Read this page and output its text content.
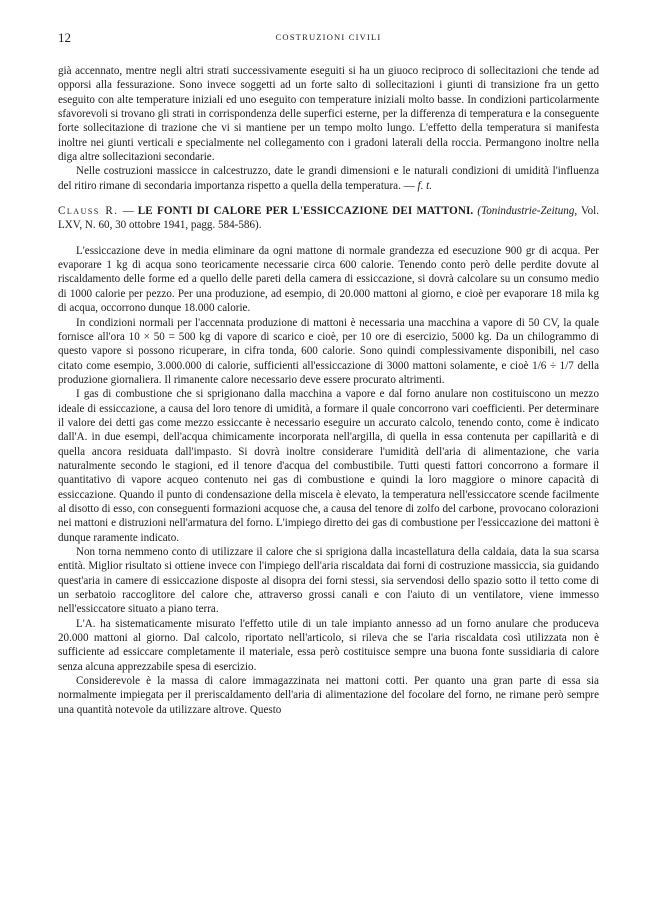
12	COSTRUZIONI CIVILI

già accennato, mentre negli altri strati successivamente eseguiti si ha un giuoco reciproco di sollecitazioni che tende ad opporsi alla fessurazione. Sono invece soggetti ad un forte salto di sollecitazioni i giunti di transizione fra un getto eseguito con alte temperature iniziali ed uno eseguito con temperature iniziali molto basse. In condizioni particolarmente sfavorevoli si trovano gli strati in corrispondenza delle superfici esterne, per la differenza di temperatura e la conseguente forte sollecitazione di trazione che vi si mantiene per un tempo molto lungo. L'effetto della temperatura si manifesta inoltre nei giunti verticali e specialmente nel collegamento con i gradoni laterali della roccia. Permangono inoltre nella diga altre sollecitazioni secondarie.

Nelle costruzioni massicce in calcestruzzo, date le grandi dimensioni e le naturali condizioni di umidità l'influenza del ritiro rimane di secondaria importanza rispetto a quella della temperatura. — f. t.

Clauss R. — LE FONTI DI CALORE PER L'ESSICCAZIONE DEI MATTONI. (Tonindustrie-Zeitung, Vol. LXV, N. 60, 30 ottobre 1941, pagg. 584-586).

L'essiccazione deve in media eliminare da ogni mattone di normale grandezza ed esecuzione 900 gr di acqua. Per evaporare 1 kg di acqua sono teoricamente necessarie circa 600 calorie. Tenendo conto però delle perdite dovute al riscaldamento delle forme ed a quello delle pareti della camera di essiccazione, si dovrà calcolare su un consumo medio di 1000 calorie per pezzo. Per una produzione, ad esempio, di 20.000 mattoni al giorno, e cioè per evaporare 18 mila kg di acqua, occorrono dunque 18.000 calorie.

In condizioni normali per l'accennata produzione di mattoni è necessaria una macchina a vapore di 50 CV, la quale fornisce all'ora 10 × 50 = 500 kg di vapore di scarico e cioè, per 10 ore di esercizio, 5000 kg. Da un chilogrammo di questo vapore si possono ricuperare, in cifra tonda, 600 calorie. Sono quindi complessivamente disponibili, nel caso citato come esempio, 3.000.000 di calorie, sufficienti all'essiccazione di 3000 mattoni solamente, e cioè 1/6 ÷ 1/7 della produzione giornaliera. Il rimanente calore necessario deve essere procurato altrimenti.

I gas di combustione che si sprigionano dalla macchina a vapore e dal forno anulare non costituiscono un mezzo ideale di essiccazione, a causa del loro tenore di umidità, a formare il quale concorrono vari coefficienti. Per determinare il valore dei detti gas come mezzo essiccante è necessario eseguire un accurato calcolo, tenendo conto, come è indicato dall'A. in due esempi, dell'acqua chimicamente incorporata nell'argilla, di quella in essa contenuta per capillarità e di quella ancora residuata dall'impasto. Si dovrà inoltre considerare l'umidità dell'aria di alimentazione, che varia naturalmente secondo le stagioni, ed il tenore d'acqua del combustibile. Tutti questi fattori concorrono a formare il quantitativo di vapore acqueo contenuto nei gas di combustione e quindi la loro maggiore o minore capacità di essiccazione. Quando il punto di condensazione della miscela è elevato, la temperatura nell'essiccatore scende facilmente al disotto di esso, con conseguenti formazioni acquose che, a causa del tenore di zolfo del carbone, provocano colorazioni nei mattoni e distruzioni nell'armatura del forno. L'impiego diretto dei gas di combustione per l'essiccazione dei mattoni è dunque raramente indicato.

Non torna nemmeno conto di utilizzare il calore che si sprigiona dalla incastellatura della caldaia, data la sua scarsa entità. Miglior risultato si ottiene invece con l'impiego dell'aria riscaldata dai forni di costruzione massiccia, sia guidando quest'aria in camere di essiccazione disposte al disopra dei forni stessi, sia servendosi dello spazio sotto il tetto come di un serbatoio raccoglitore del calore che, attraverso grossi canali e con l'aiuto di un ventilatore, viene immesso nell'essiccatore situato a piano terra.

L'A. ha sistematicamente misurato l'effetto utile di un tale impianto annesso ad un forno anulare che produceva 20.000 mattoni al giorno. Dal calcolo, riportato nell'articolo, si rileva che se l'aria riscaldata così utilizzata non è sufficiente ad essiccare completamente il materiale, essa però costituisce sempre una buona fonte sussidiaria di calore senza alcuna apprezzabile spesa di esercizio.

Considerevole è la massa di calore immagazzinata nei mattoni cotti. Per quanto una gran parte di essa sia normalmente impiegata per il preriscaldamento dell'aria di alimentazione del focolare del forno, ne rimane però sempre una quantità notevole da utilizzare altrove. Questo
